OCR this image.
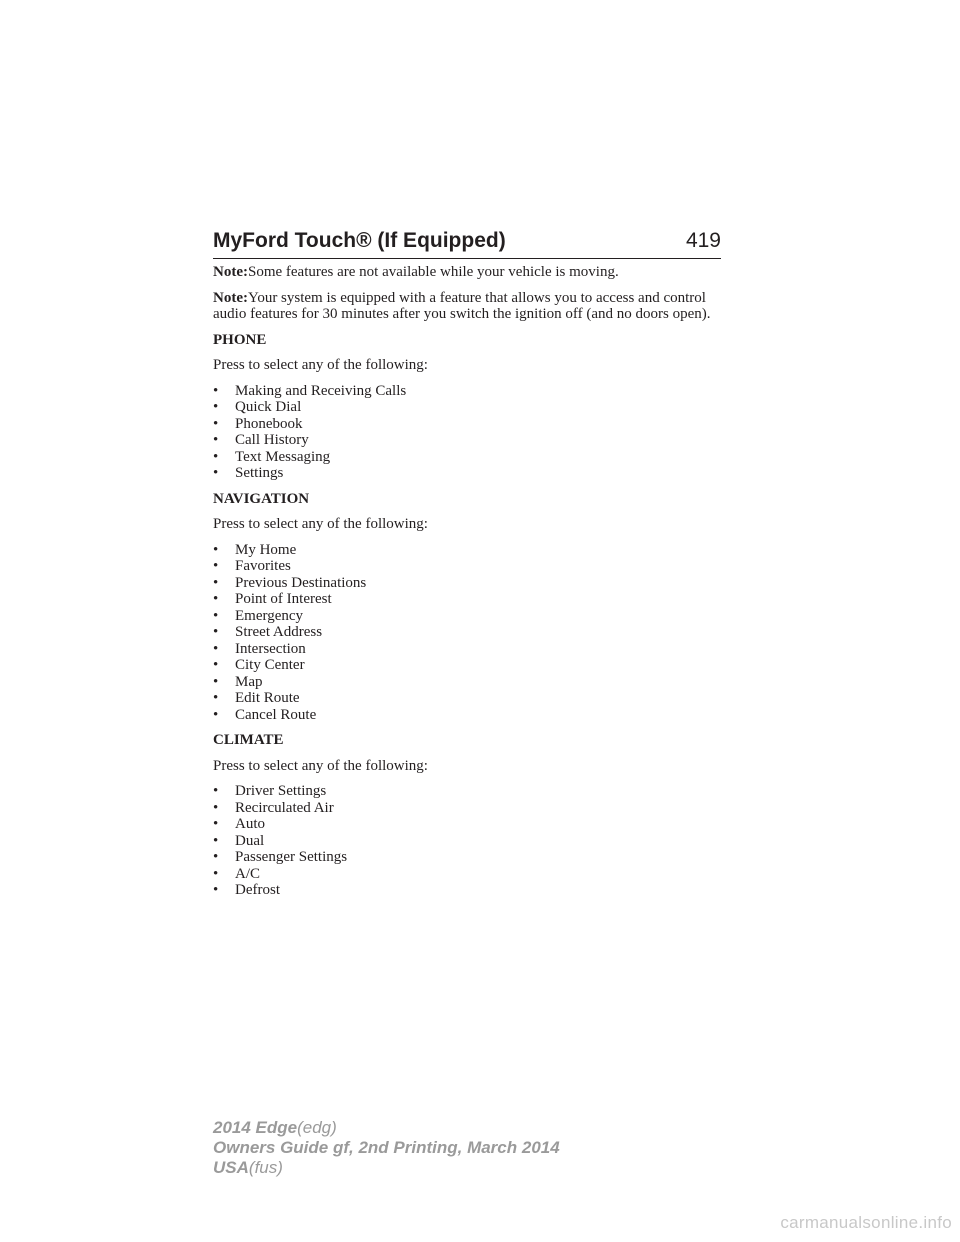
MyFord Touch® (If Equipped)	419

Note:Some features are not available while your vehicle is moving.

Note:Your system is equipped with a feature that allows you to access and control audio features for 30 minutes after you switch the ignition off (and no doors open).

PHONE

Press to select any of the following:

•	Making and Receiving Calls
•	Quick Dial
•	Phonebook
•	Call History
•	Text Messaging
•	Settings

NAVIGATION

Press to select any of the following:

•	My Home
•	Favorites
•	Previous Destinations
•	Point of Interest
•	Emergency
•	Street Address
•	Intersection
•	City Center
•	Map
•	Edit Route
•	Cancel Route

CLIMATE

Press to select any of the following:

•	Driver Settings
•	Recirculated Air
•	Auto
•	Dual
•	Passenger Settings
•	A/C
•	Defrost
2014 Edge(edg)
Owners Guide gf, 2nd Printing, March 2014
USA(fus)
carmanualsonline.info
